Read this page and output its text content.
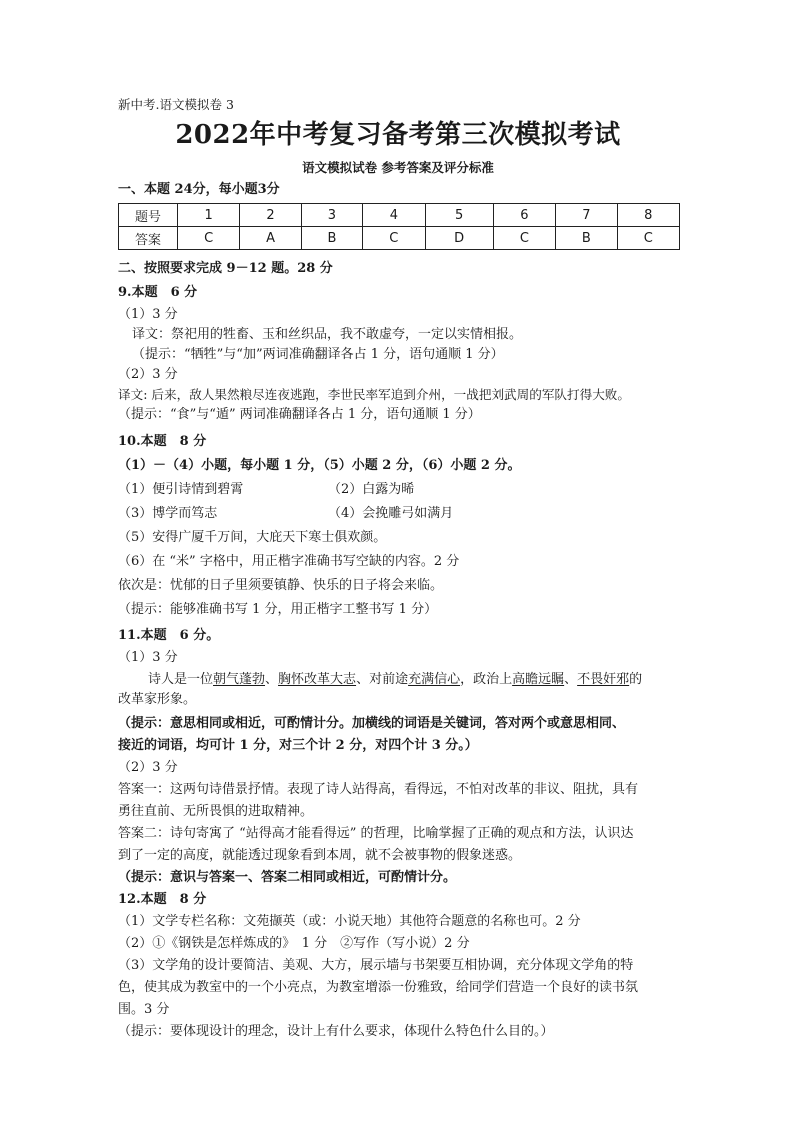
新中考.语文模拟卷 3
2022年中考复习备考第三次模拟考试
语文模拟试卷 参考答案及评分标准
一、本题 24分，每小题3分
题号	1	2	3	4	5	6	7	8
答案	C	A	B	C	D	C	B	C
二、按照要求完成 9－12 题。28 分
9.本题　6 分
（1）3 分
译文：祭祀用的牲畜、玉和丝织品，我不敢虚夸，一定以实情相报。
（提示：“牺牲”与“加”两词准确翻译各占 1 分，语句通顺 1 分）
（2）3 分
译文: 后来，敌人果然粮尽连夜逃跑，李世民率军追到介州，一战把刘武周的军队打得大败。
（提示：“食”与“遁” 两词准确翻译各占 1 分，语句通顺 1 分）
10.本题　8 分
（1）－（4）小题，每小题 1 分，（5）小题 2 分，（6）小题 2 分。
（1）便引诗情到碧霄	（2）白露为晞
（3）博学而笃志	（4）会挽雕弓如满月
（5）安得广厦千万间，大庇天下寒士俱欢颜。
（6）在 “米” 字格中，用正楷字准确书写空缺的内容。2 分
依次是：忧郁的日子里须要镇静、快乐的日子将会来临。
（提示：能够准确书写 1 分，用正楷字工整书写 1 分）
11.本题　6 分。
（1）3 分
诗人是一位朝气蓬勃、胸怀改革大志、对前途充满信心，政治上高瞻远瞩、不畏奸邪的
改革家形象。
（提示：意思相同或相近，可酌情计分。加横线的词语是关键词，答对两个或意思相同、
接近的词语，均可计 1 分，对三个计 2 分，对四个计 3 分。）
（2）3 分
答案一：这两句诗借景抒情。表现了诗人站得高，看得远，不怕对改革的非议、阻扰，具有
勇往直前、无所畏惧的进取精神。
答案二：诗句寄寓了 “站得高才能看得远” 的哲理，比喻掌握了正确的观点和方法，认识达
到了一定的高度，就能透过现象看到本周，就不会被事物的假象迷惑。
（提示：意识与答案一、答案二相同或相近，可酌情计分。
12.本题　8 分
（1）文学专栏名称：文苑撷英（或：小说天地）其他符合题意的名称也可。2 分
（2）①《钢铁是怎样炼成的》　1 分　②写作（写小说）2 分
（3）文学角的设计要简洁、美观、大方，展示墙与书架要互相协调，充分体现文学角的特
色，使其成为教室中的一个小亮点，为教室增添一份雅致，给同学们营造一个良好的读书氛
围。3 分
（提示：要体现设计的理念，设计上有什么要求，体现什么特色什么目的。）
